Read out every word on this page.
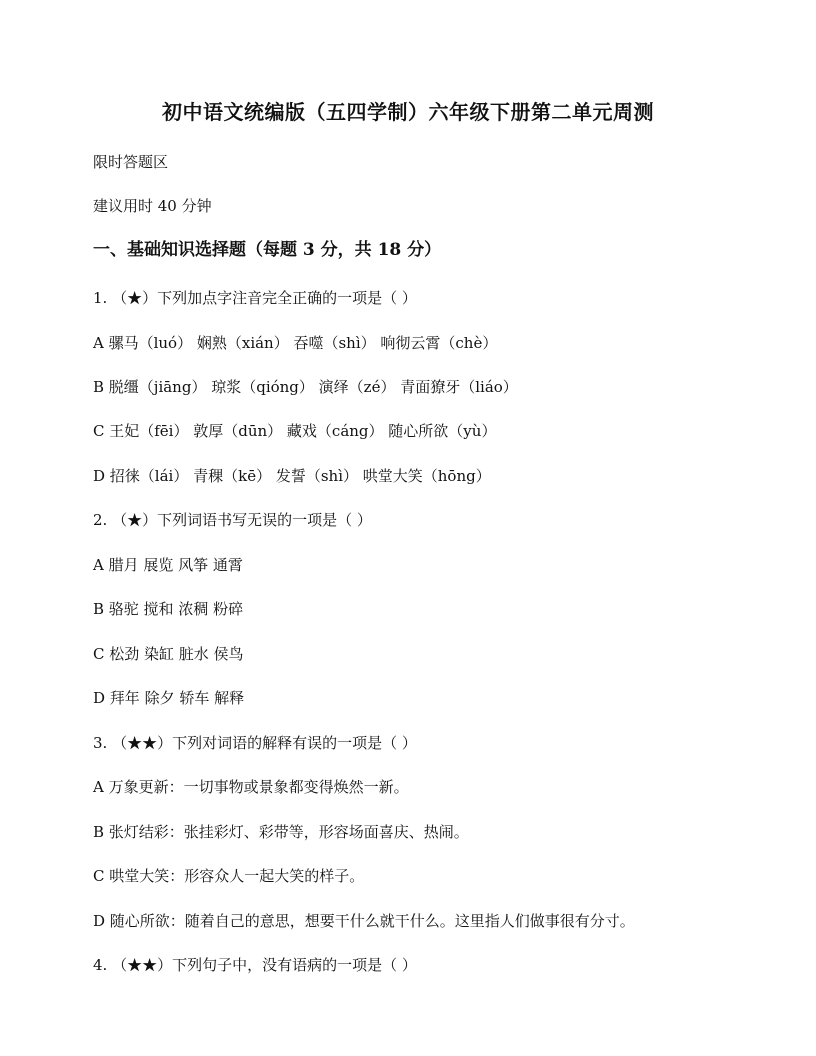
初中语文统编版（五四学制）六年级下册第二单元周测
限时答题区
建议用时 40 分钟
一、基础知识选择题（每题 3 分，共 18 分）
1. （★）下列加点字注音完全正确的一项是（ ）
A 骡马（luó） 娴熟（xián） 吞噬（shì） 响彻云霄（chè）
B 脱缰（jiāng） 琼浆（qióng） 演绎（zé） 青面獠牙（liáo）
C 王妃（fēi） 敦厚（dūn） 藏戏（cáng） 随心所欲（yù）
D 招徕（lái） 青稞（kē） 发誓（shì） 哄堂大笑（hōng）
2. （★）下列词语书写无误的一项是（ ）
A 腊月 展览 风筝 通霄
B 骆驼 搅和 浓稠 粉碎
C 松劲 染缸 脏水 侯鸟
D 拜年 除夕 轿车 解释
3. （★★）下列对词语的解释有误的一项是（ ）
A 万象更新：一切事物或景象都变得焕然一新。
B 张灯结彩：张挂彩灯、彩带等，形容场面喜庆、热闹。
C 哄堂大笑：形容众人一起大笑的样子。
D 随心所欲：随着自己的意思，想要干什么就干什么。这里指人们做事很有分寸。
4. （★★）下列句子中，没有语病的一项是（ ）
